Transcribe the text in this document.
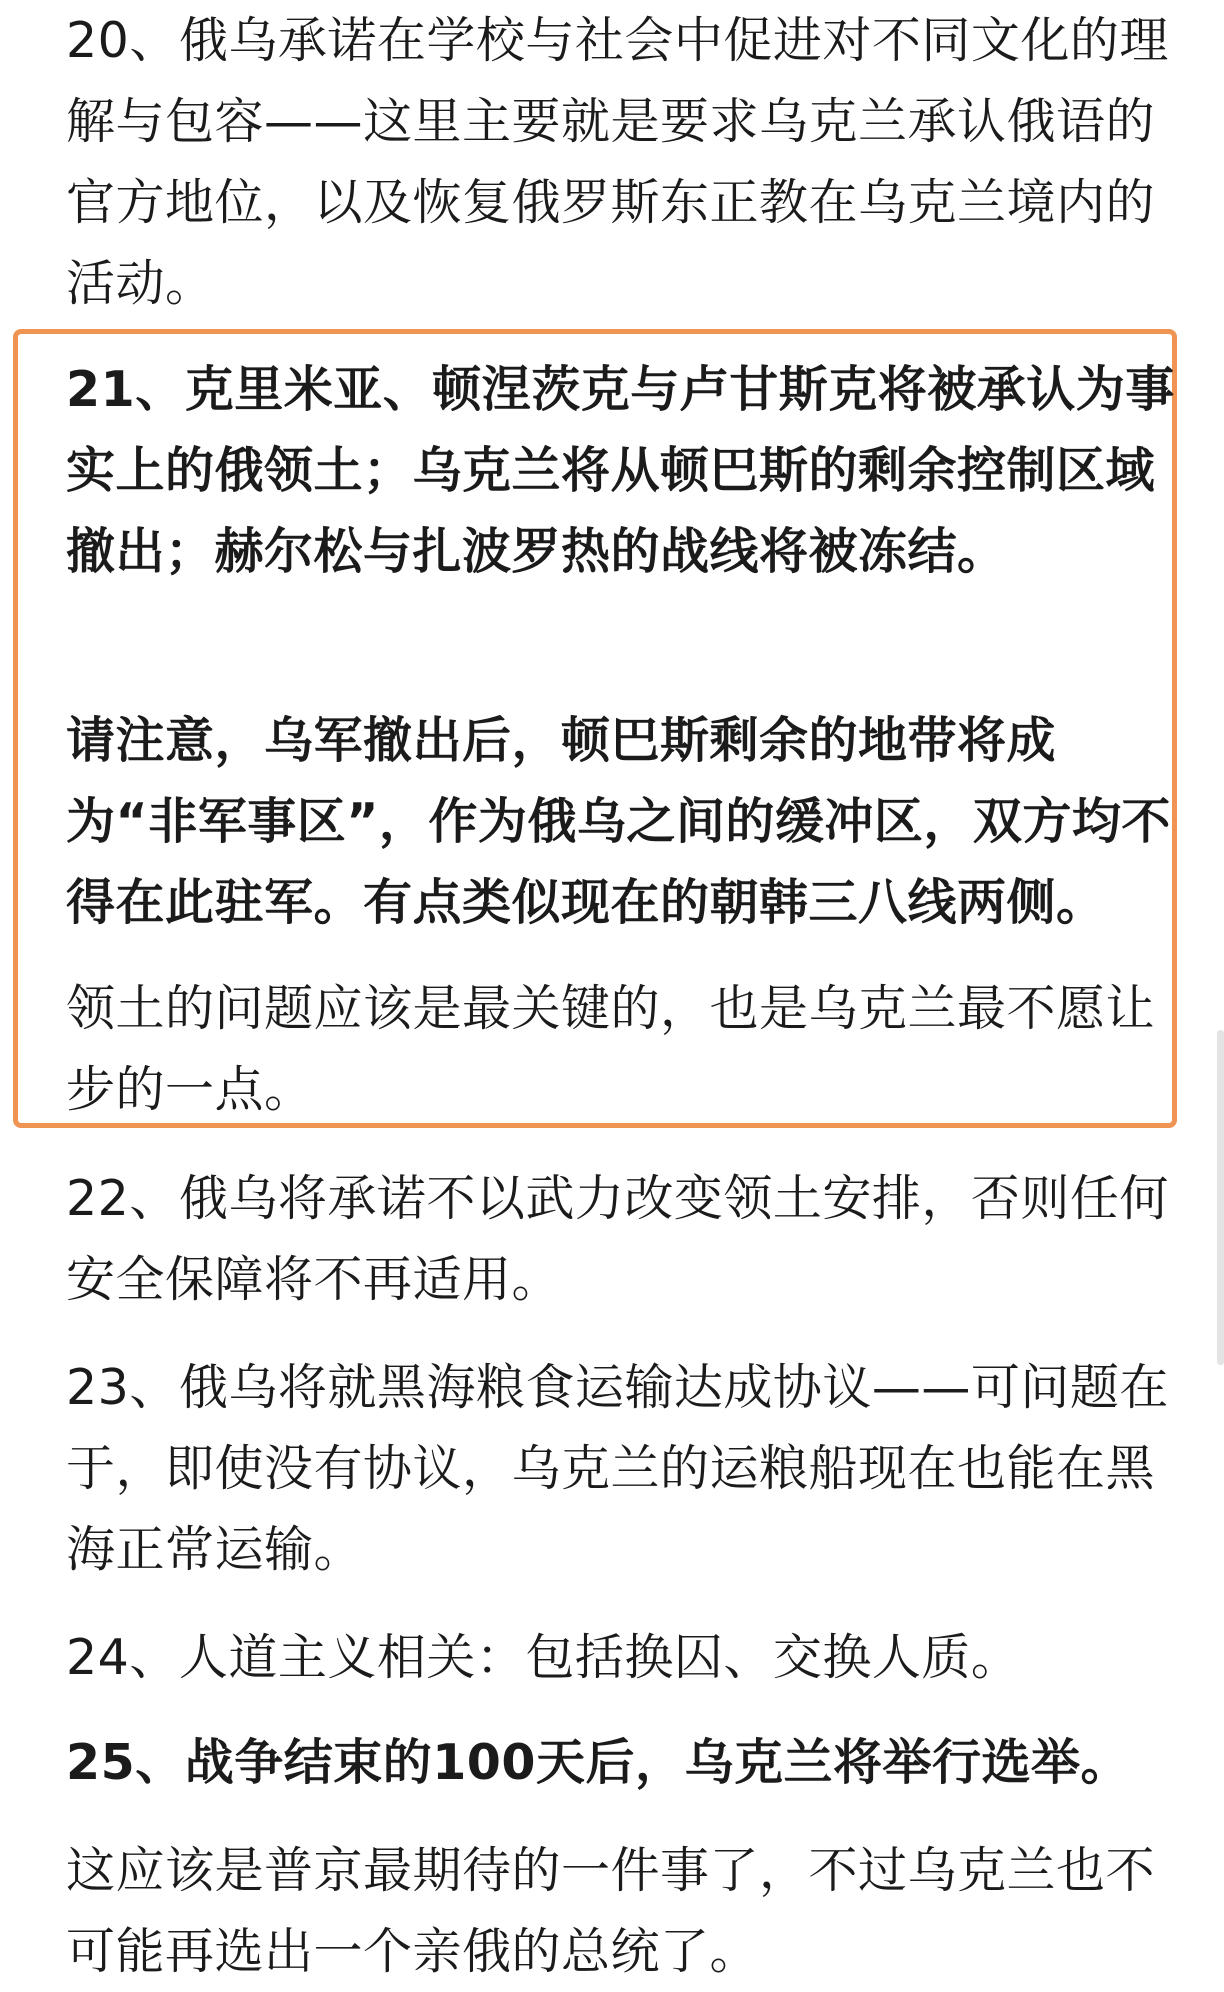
20、俄乌承诺在学校与社会中促进对不同文化的理解与包容——这里主要就是要求乌克兰承认俄语的官方地位，以及恢复俄罗斯东正教在乌克兰境内的活动。

21、克里米亚、顿涅茨克与卢甘斯克将被承认为事实上的俄领土；乌克兰将从顿巴斯的剩余控制区域撤出；赫尔松与扎波罗热的战线将被冻结。

请注意，乌军撤出后，顿巴斯剩余的地带将成为“非军事区”，作为俄乌之间的缓冲区，双方均不得在此驻军。有点类似现在的朝韩三八线两侧。

领土的问题应该是最关键的，也是乌克兰最不愿让步的一点。

22、俄乌将承诺不以武力改变领土安排，否则任何安全保障将不再适用。

23、俄乌将就黑海粮食运输达成协议——可问题在于，即使没有协议，乌克兰的运粮船现在也能在黑海正常运输。

24、人道主义相关：包括换囚、交换人质。

25、战争结束的100天后，乌克兰将举行选举。

这应该是普京最期待的一件事了，不过乌克兰也不可能再选出一个亲俄的总统了。
